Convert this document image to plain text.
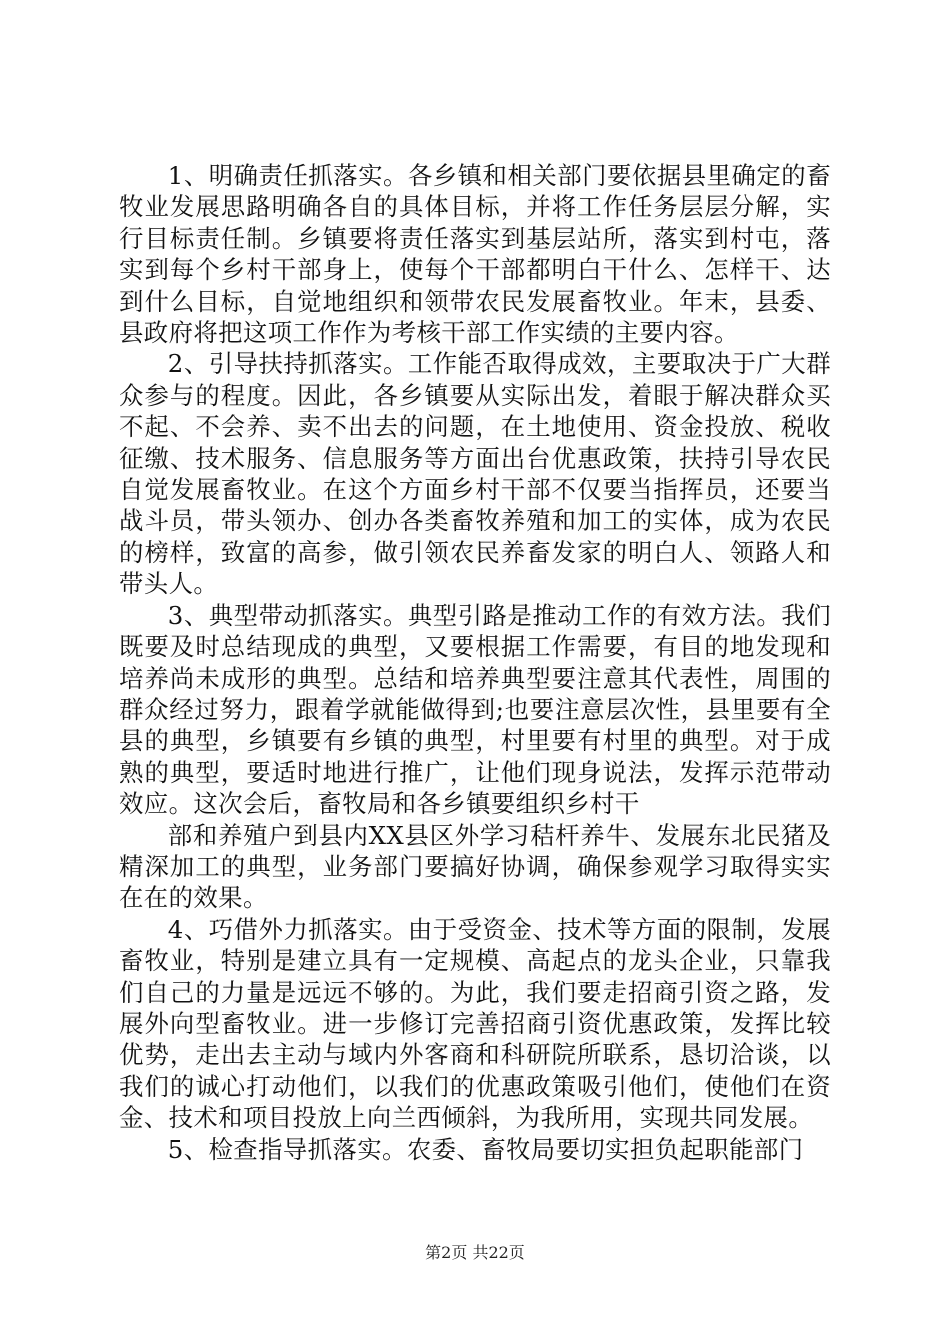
1、明确责任抓落实。各乡镇和相关部门要依据县里确定的畜牧业发展思路明确各自的具体目标，并将工作任务层层分解，实行目标责任制。乡镇要将责任落实到基层站所，落实到村屯，落实到每个乡村干部身上，使每个干部都明白干什么、怎样干、达到什么目标，自觉地组织和领带农民发展畜牧业。年末，县委、县政府将把这项工作作为考核干部工作实绩的主要内容。

2、引导扶持抓落实。工作能否取得成效，主要取决于广大群众参与的程度。因此，各乡镇要从实际出发，着眼于解决群众买不起、不会养、卖不出去的问题，在土地使用、资金投放、税收征缴、技术服务、信息服务等方面出台优惠政策，扶持引导农民自觉发展畜牧业。在这个方面乡村干部不仅要当指挥员，还要当战斗员，带头领办、创办各类畜牧养殖和加工的实体，成为农民的榜样，致富的高参，做引领农民养畜发家的明白人、领路人和带头人。

3、典型带动抓落实。典型引路是推动工作的有效方法。我们既要及时总结现成的典型，又要根据工作需要，有目的地发现和培养尚未成形的典型。总结和培养典型要注意其代表性，周围的群众经过努力，跟着学就能做得到;也要注意层次性，县里要有全县的典型，乡镇要有乡镇的典型，村里要有村里的典型。对于成熟的典型，要适时地进行推广，让他们现身说法，发挥示范带动效应。这次会后，畜牧局和各乡镇要组织乡村干

部和养殖户到县内XX县区外学习秸杆养牛、发展东北民猪及精深加工的典型，业务部门要搞好协调，确保参观学习取得实实在在的效果。

4、巧借外力抓落实。由于受资金、技术等方面的限制，发展畜牧业，特别是建立具有一定规模、高起点的龙头企业，只靠我们自己的力量是远远不够的。为此，我们要走招商引资之路，发展外向型畜牧业。进一步修订完善招商引资优惠政策，发挥比较优势，走出去主动与域内外客商和科研院所联系，恳切洽谈，以我们的诚心打动他们，以我们的优惠政策吸引他们，使他们在资金、技术和项目投放上向兰西倾斜，为我所用，实现共同发展。

5、检查指导抓落实。农委、畜牧局要切实担负起职能部门

第2页 共22页
